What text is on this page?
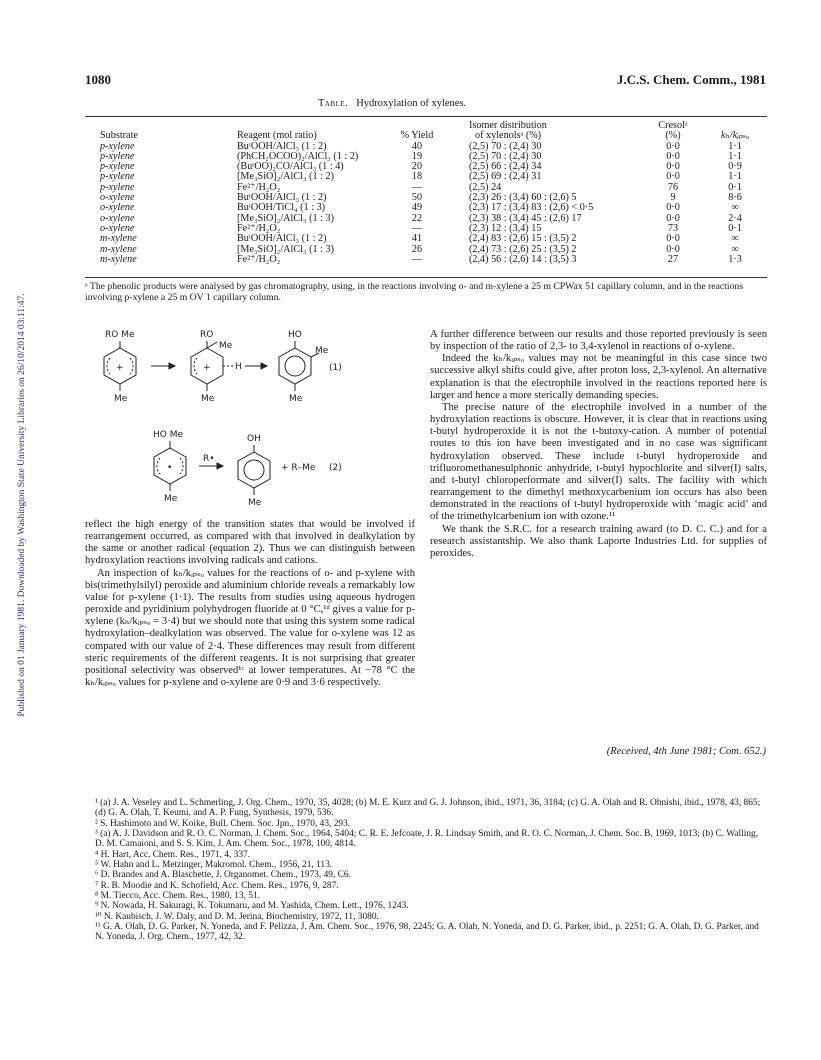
Published on 01 January 1981. Downloaded by Washington State University Libraries on 26/10/2014 03:11:47.
1080	J.C.S. Chem. Comm., 1981
Table. Hydroxylation of xylenes.
			Isomer distribution	Cresolᵃ	
Substrate	Reagent (mol ratio)	% Yield	of xylenolsᵃ (%)	(%)	kₕ/kᵢₚₛₒ
p-xylene	BuᵗOOH/AlCl₃ (1 : 2)	40	(2,5) 70 : (2,4) 30	0·0	1·1
p-xylene	(PhCH₂OCOO)₂/AlCl₃ (1 : 2)	19	(2,5) 70 : (2,4) 30	0·0	1·1
p-xylene	(BuᵗOO)₂CO/AlCl₃ (1 : 4)	20	(2,5) 66 : (2,4) 34	0·0	0·9
p-xylene	[Me₃SiO]₂/AlCl₃ (1 : 2)	18	(2,5) 69 : (2,4) 31	0·0	1·1
p-xylene	Fe²⁺/H₂O₂	—	(2,5) 24	76	0·1
o-xylene	BuᵗOOH/AlCl₃ (1 : 2)	50	(2,3) 26 : (3,4) 60 : (2,6) 5	9	8·6
o-xylene	BuᵗOOH/TiCl₄ (1 : 3)	49	(2,3) 17 : (3,4) 83 : (2,6) < 0·5	0·0	∞
o-xylene	[Me₃SiO]₂/AlCl₃ (1 : 3)	22	(2,3) 38 : (3,4) 45 : (2,6) 17	0·0	2·4
o-xylene	Fe²⁺/H₂O₂	—	(2,3) 12 : (3,4) 15	73	0·1
m-xylene	BuᵗOOH/AlCl₃ (1 : 2)	41	(2,4) 83 : (2,6) 15 : (3,5) 2	0·0	∞
m-xylene	[Me₃SiO]₂/AlCl₃ (1 : 3)	26	(2,4) 73 : (2,6) 25 : (3,5) 2	0·0	∞
m-xylene	Fe²⁺/H₂O₂	—	(2,4) 56 : (2,6) 14 : (3,5) 3	27	1·3
ᵃ The phenolic products were analysed by gas chromatography, using, in the reactions involving o- and m-xylene a 25 m CPWax 51 capillary column, and in the reactions involving p-xylene a 25 m OV 1 capillary column.
RO Me
+
Me
RO
Me
+	H
Me
HO
Me
Me
(1)
HO Me
•
Me
R•
OH
Me
+ R–Me (2)

reflect the high energy of the transition states that would be involved if rearrangement occurred, as compared with that involved in dealkylation by the same or another radical (equation 2). Thus we can distinguish between hydroxylation reactions involving radicals and cations.

An inspection of kₕ/kᵢₚₛₒ values for the reactions of o- and p-xylene with bis(trimethylsilyl) peroxide and aluminium chloride reveals a remarkably low value for p-xylene (1·1). The results from studies using aqueous hydrogen peroxide and pyridinium polyhydrogen fluoride at 0 °C,¹ᵈ gives a value for p-xylene (kₕ/kᵢₚₛₒ = 3·4) but we should note that using this system some radical hydroxylation–dealkylation was observed. The value for o-xylene was 12 as compared with our value of 2·4. These differences may result from different steric requirements of the different reagents. It is not surprising that greater positional selectivity was observed¹ᶜ at lower temperatures. At −78 °C the kₕ/kᵢₚₛₒ values for p-xylene and o-xylene are 0·9 and 3·6 respectively.

A further difference between our results and those reported previously is seen by inspection of the ratio of 2,3- to 3,4-xylenol in reactions of o-xylene.

Indeed the kₕ/kᵢₚₛₒ values may not be meaningful in this case since two successive alkyl shifts could give, after proton loss, 2,3-xylenol. An alternative explanation is that the electrophile involved in the reactions reported here is larger and hence a more sterically demanding species.

The precise nature of the electrophile involved in a number of the hydroxylation reactions is obscure. However, it is clear that in reactions using t-butyl hydroperoxide it is not the t-butoxy-cation. A number of potential routes to this ion have been investigated and in no case was significant hydroxylation observed. These include t-butyl hydroperoxide and trifluoromethanesulphonic anhydride, t-butyl hypochlorite and silver(I) salts, and t-butyl chloroperformate and silver(I) salts. The facility with which rearrangement to the dimethyl methoxycarbenium ion occurs has also been demonstrated in the reactions of t-butyl hydroperoxide with ‘magic acid’ and of the trimethylcarbenium ion with ozone.¹¹

We thank the S.R.C. for a research training award (to D. C. C.) and for a research assistantship. We also thank Laporte Industries Ltd. for supplies of peroxides.

(Received, 4th June 1981; Com. 652.)
¹ (a) J. A. Veseley and L. Schmerling, J. Org. Chem., 1970, 35, 4028; (b) M. E. Kurz and G. J. Johnson, ibid., 1971, 36, 3184; (c) G. A. Olah and R. Ohnishi, ibid., 1978, 43, 865; (d) G. A. Olah, T. Keumi, and A. P. Fung, Synthesis, 1979, 536.
² S. Hashimoto and W. Koike, Bull. Chem. Soc. Jpn., 1970, 43, 293.
³ (a) A. J. Davidson and R. O. C. Norman, J. Chem. Soc., 1964, 5404; C. R. E. Jefcoate, J. R. Lindsay Smith, and R. O. C. Norman, J. Chem. Soc. B, 1969, 1013; (b) C. Walling, D. M. Camaioni, and S. S. Kim, J. Am. Chem. Soc., 1978, 100, 4814.
⁴ H. Hart, Acc. Chem. Res., 1971, 4, 337.
⁵ W. Hahn and L. Metzinger, Makromol. Chem., 1956, 21, 113.
⁶ D. Brandes and A. Blaschette, J. Organomet. Chem., 1973, 49, C6.
⁷ R. B. Moodie and K. Schofield, Acc. Chem. Res., 1976, 9, 287.
⁸ M. Tiecco, Acc. Chem. Res., 1980, 13, 51.
⁹ N. Nowada, H. Sakuragi, K. Tokumaru, and M. Yashida, Chem. Lett., 1976, 1243.
¹⁰ N. Kaubisch, J. W. Daly, and D. M. Jerina, Biochemistry, 1972, 11, 3080.
¹¹ G. A. Olah, D. G. Parker, N. Yoneda, and F. Pelizza, J. Am. Chem. Soc., 1976, 98, 2245; G. A. Olah, N. Yoneda, and D. G. Parker, ibid., p. 2251; G. A. Olah, D. G. Parker, and N. Yoneda, J. Org. Chem., 1977, 42, 32.
